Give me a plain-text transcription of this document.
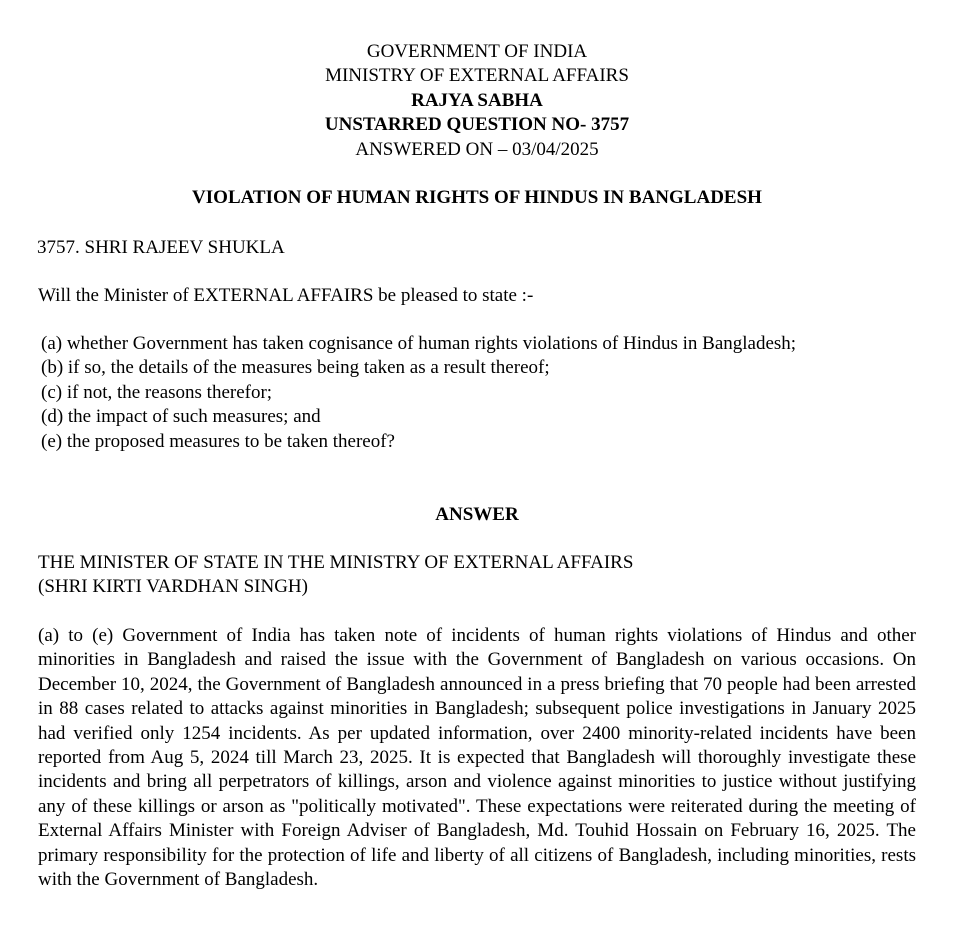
GOVERNMENT OF INDIA
MINISTRY OF EXTERNAL AFFAIRS
RAJYA SABHA
UNSTARRED QUESTION NO- 3757
ANSWERED ON – 03/04/2025
VIOLATION OF HUMAN RIGHTS OF HINDUS IN BANGLADESH
3757. SHRI RAJEEV SHUKLA
Will the Minister of EXTERNAL AFFAIRS be pleased to state :-
(a) whether Government has taken cognisance of human rights violations of Hindus in Bangladesh;
(b) if so, the details of the measures being taken as a result thereof;
(c) if not, the reasons therefor;
(d) the impact of such measures; and
(e) the proposed measures to be taken thereof?
ANSWER
THE MINISTER OF STATE IN THE MINISTRY OF EXTERNAL AFFAIRS
(SHRI KIRTI VARDHAN SINGH)

(a) to (e) Government of India has taken note of incidents of human rights violations of Hindus and other minorities in Bangladesh and raised the issue with the Government of Bangladesh on various occasions. On December 10, 2024, the Government of Bangladesh announced in a press briefing that 70 people had been arrested in 88 cases related to attacks against minorities in Bangladesh; subsequent police investigations in January 2025 had verified only 1254 incidents. As per updated information, over 2400 minority-related incidents have been reported from Aug 5, 2024 till March 23, 2025. It is expected that Bangladesh will thoroughly investigate these incidents and bring all perpetrators of killings, arson and violence against minorities to justice without justifying any of these killings or arson as "politically motivated". These expectations were reiterated during the meeting of External Affairs Minister with Foreign Adviser of Bangladesh, Md. Touhid Hossain on February 16, 2025. The primary responsibility for the protection of life and liberty of all citizens of Bangladesh, including minorities, rests with the Government of Bangladesh.
